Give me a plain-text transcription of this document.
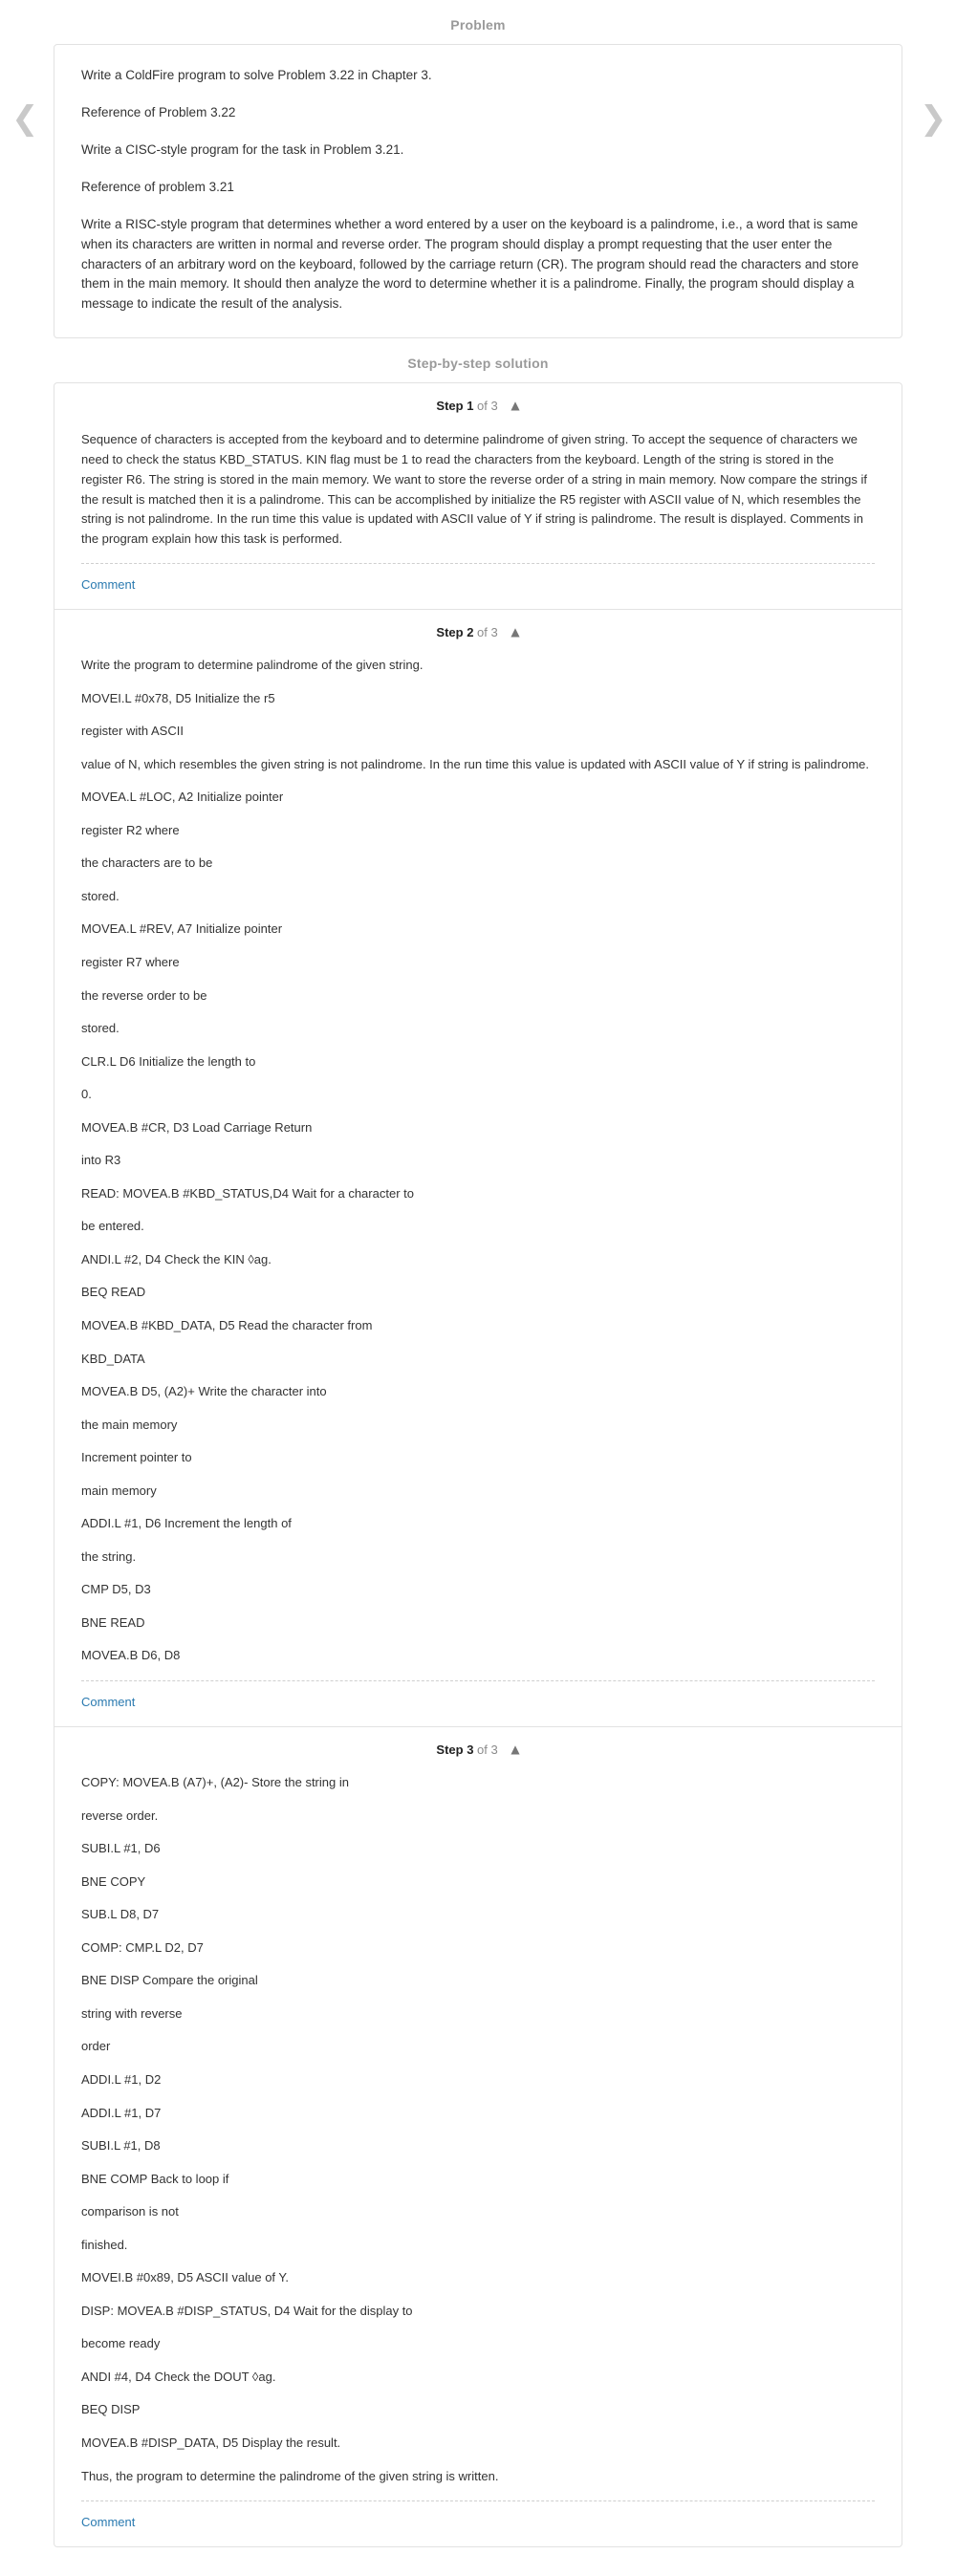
Problem
❮	❯

Write a ColdFire program to solve Problem 3.22 in Chapter 3.

Reference of Problem 3.22

Write a CISC-style program for the task in Problem 3.21.

Reference of problem 3.21

Write a RISC-style program that determines whether a word entered by a user on the keyboard is a palindrome, i.e., a word that is same when its characters are written in normal and reverse order. The program should display a prompt requesting that the user enter the characters of an arbitrary word on the keyboard, followed by the carriage return (CR). The program should read the characters and store them in the main memory. It should then analyze the word to determine whether it is a palindrome. Finally, the program should display a message to indicate the result of the analysis.

Step-by-step solution
Step 1 of 3 ▲
Sequence of characters is accepted from the keyboard and to determine palindrome of given string. To accept the sequence of characters we need to check the status KBD_STATUS. KIN flag must be 1 to read the characters from the keyboard. Length of the string is stored in the register R6. The string is stored in the main memory. We want to store the reverse order of a string in main memory. Now compare the strings if the result is matched then it is a palindrome. This can be accomplished by initialize the R5 register with ASCII value of N, which resembles the string is not palindrome. In the run time this value is updated with ASCII value of Y if string is palindrome. The result is displayed. Comments in the program explain how this task is performed.
Comment
Step 2 of 3 ▲
Write the program to determine palindrome of the given string.
MOVEI.L #0x78, D5 Initialize the r5
register with ASCII
value of N, which resembles the given string is not palindrome. In the run time this value is updated with ASCII value of Y if string is palindrome.
MOVEA.L #LOC, A2 Initialize pointer
register R2 where
the characters are to be
stored.
MOVEA.L #REV, A7 Initialize pointer
register R7 where
the reverse order to be
stored.
CLR.L D6 Initialize the length to
0.
MOVEA.B #CR, D3 Load Carriage Return
into R3
READ: MOVEA.B #KBD_STATUS,D4 Wait for a character to
be entered.
ANDI.L #2, D4 Check the KIN ◊ag.
BEQ READ
MOVEA.B #KBD_DATA, D5 Read the character from
KBD_DATA
MOVEA.B D5, (A2)+ Write the character into
the main memory
Increment pointer to
main memory
ADDI.L #1, D6 Increment the length of
the string.
CMP D5, D3
BNE READ
MOVEA.B D6, D8
Comment
Step 3 of 3 ▲
COPY: MOVEA.B (A7)+, (A2)- Store the string in
reverse order.
SUBI.L #1, D6
BNE COPY
SUB.L D8, D7
COMP: CMP.L D2, D7
BNE DISP Compare the original
string with reverse
order
ADDI.L #1, D2
ADDI.L #1, D7
SUBI.L #1, D8
BNE COMP Back to loop if
comparison is not
finished.
MOVEI.B #0x89, D5 ASCII value of Y.
DISP: MOVEA.B #DISP_STATUS, D4 Wait for the display to
become ready
ANDI #4, D4 Check the DOUT ◊ag.
BEQ DISP
MOVEA.B #DISP_DATA, D5 Display the result.
Thus, the program to determine the palindrome of the given string is written.
Comment
